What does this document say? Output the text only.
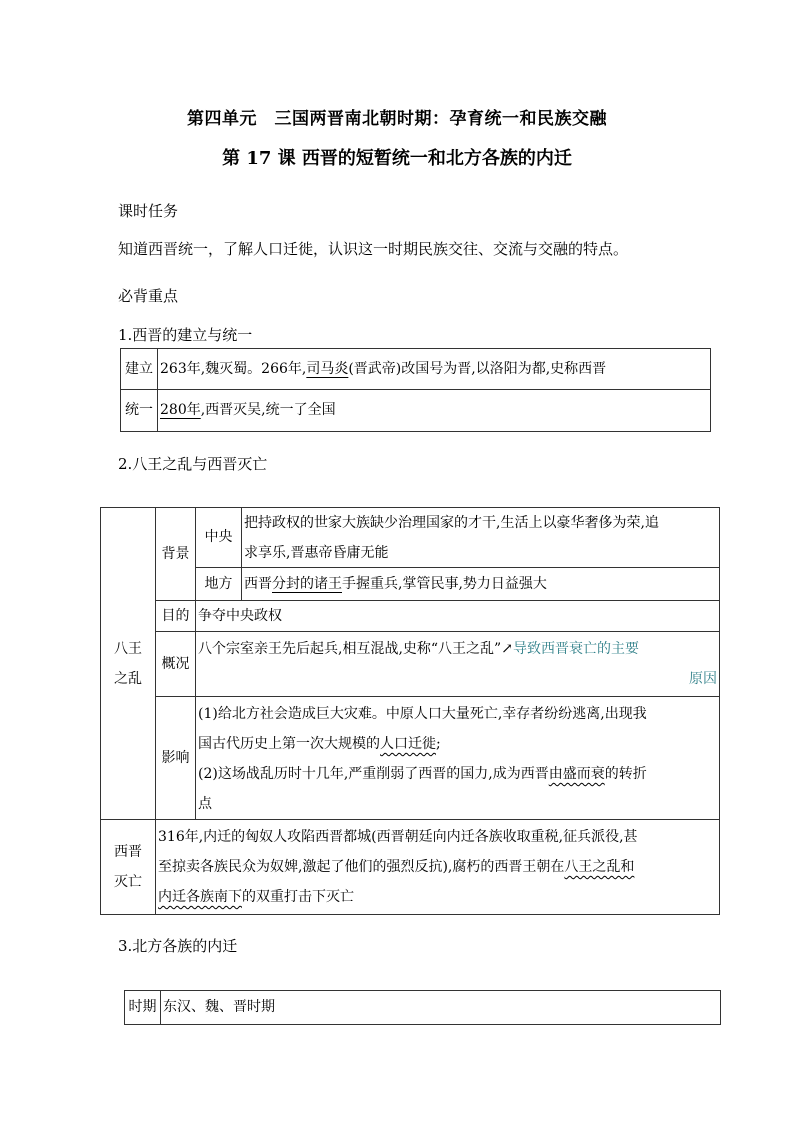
第四单元　三国两晋南北朝时期：孕育统一和民族交融
第 17 课 西晋的短暂统一和北方各族的内迁
课时任务
知道西晋统一，了解人口迁徙，认识这一时期民族交往、交流与交融的特点。
必背重点
1.西晋的建立与统一
建立 263年,魏灭蜀。266年, 司马炎 (晋武帝)改国号为晋,以洛阳为都,史称西晋
统一 280年 ,西晋灭吴,统一了全国
2.八王之乱与西晋灭亡
八王
之乱
背景
中央
把持政权的世家大族缺少治理国家的才干,生活上以豪华奢侈为荣,追
求享乐,晋惠帝昏庸无能
地方 西晋 分封的诸王 手握重兵,掌管民事,势力日益强大
目的 争夺中央政权
概况
八个宗室亲王先后起兵,相互混战,史称“八王之乱”↗导致西晋衰亡的主要
原因
影响
(1)给北方社会造成巨大灾难。中原人口大量死亡,幸存者纷纷逃离,出现我
国古代历史上第一次大规模的人口迁徙;
(2)这场战乱历时十几年,严重削弱了西晋的国力,成为西晋由盛而衰的转折
点
西晋
灭亡
316年,内迁的匈奴人攻陷西晋都城(西晋朝廷向内迁各族收取重税,征兵派役,甚
至掠卖各族民众为奴婢,激起了他们的强烈反抗),腐朽的西晋王朝在八王之乱和
内迁各族南下的双重打击下灭亡
3.北方各族的内迁
时期 东汉、魏、晋时期
